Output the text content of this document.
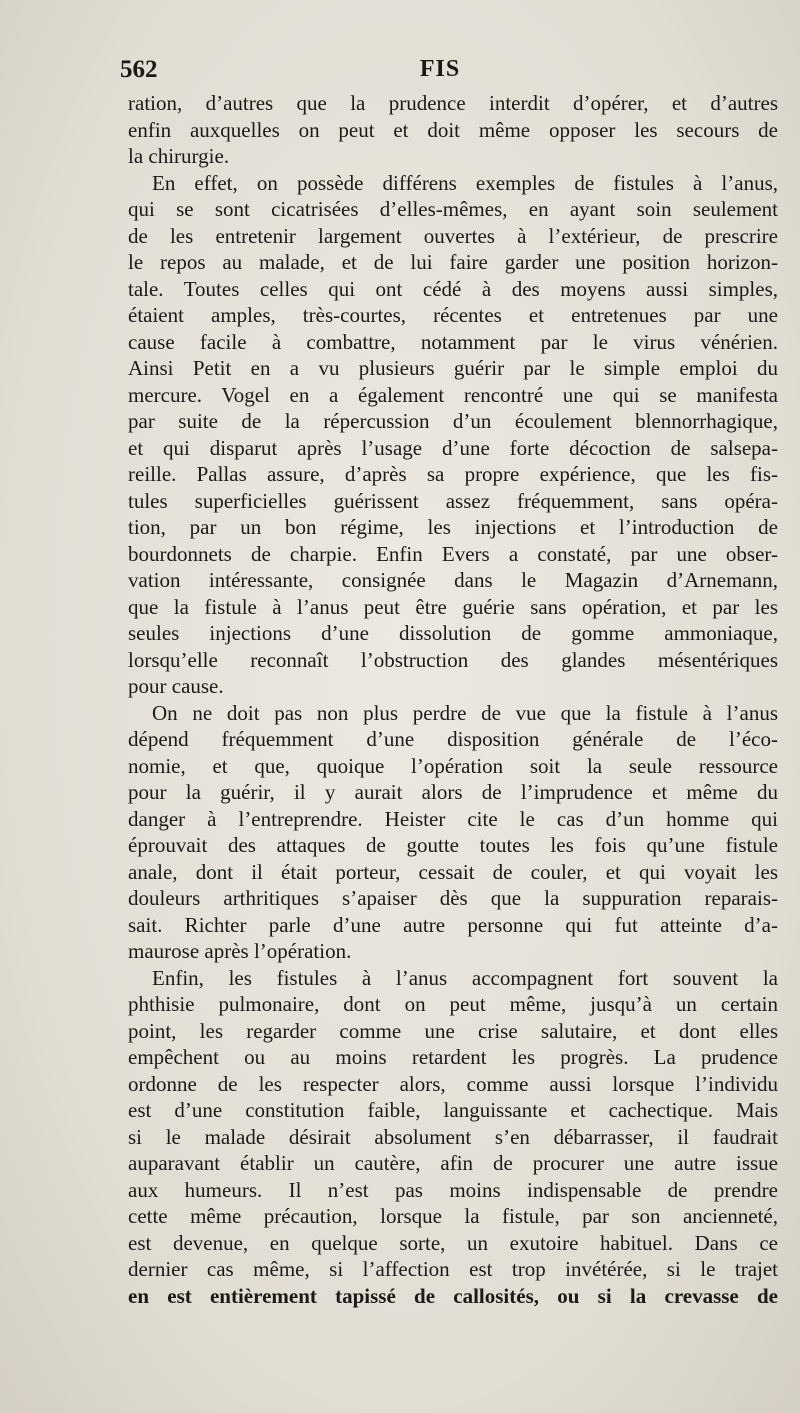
562	FIS
ration, d’autres que la prudence interdit d’opérer, et d’autres
enfin auxquelles on peut et doit même opposer les secours de
la chirurgie.
En effet, on possède différens exemples de fistules à l’anus,
qui se sont cicatrisées d’elles-mêmes, en ayant soin seulement
de les entretenir largement ouvertes à l’extérieur, de prescrire
le repos au malade, et de lui faire garder une position horizon-
tale. Toutes celles qui ont cédé à des moyens aussi simples,
étaient amples, très-courtes, récentes et entretenues par une
cause facile à combattre, notamment par le virus vénérien.
Ainsi Petit en a vu plusieurs guérir par le simple emploi du
mercure. Vogel en a également rencontré une qui se manifesta
par suite de la répercussion d’un écoulement blennorrhagique,
et qui disparut après l’usage d’une forte décoction de salsepa-
reille. Pallas assure, d’après sa propre expérience, que les fis-
tules superficielles guérissent assez fréquemment, sans opéra-
tion, par un bon régime, les injections et l’introduction de
bourdonnets de charpie. Enfin Evers a constaté, par une obser-
vation intéressante, consignée dans le Magazin d’Arnemann,
que la fistule à l’anus peut être guérie sans opération, et par les
seules injections d’une dissolution de gomme ammoniaque,
lorsqu’elle reconnaît l’obstruction des glandes mésentériques
pour cause.
On ne doit pas non plus perdre de vue que la fistule à l’anus
dépend fréquemment d’une disposition générale de l’éco-
nomie, et que, quoique l’opération soit la seule ressource
pour la guérir, il y aurait alors de l’imprudence et même du
danger à l’entreprendre. Heister cite le cas d’un homme qui
éprouvait des attaques de goutte toutes les fois qu’une fistule
anale, dont il était porteur, cessait de couler, et qui voyait les
douleurs arthritiques s’apaiser dès que la suppuration reparais-
sait. Richter parle d’une autre personne qui fut atteinte d’a-
maurose après l’opération.
Enfin, les fistules à l’anus accompagnent fort souvent la
phthisie pulmonaire, dont on peut même, jusqu’à un certain
point, les regarder comme une crise salutaire, et dont elles
empêchent ou au moins retardent les progrès. La prudence
ordonne de les respecter alors, comme aussi lorsque l’individu
est d’une constitution faible, languissante et cachectique. Mais
si le malade désirait absolument s’en débarrasser, il faudrait
auparavant établir un cautère, afin de procurer une autre issue
aux humeurs. Il n’est pas moins indispensable de prendre
cette même précaution, lorsque la fistule, par son ancienneté,
est devenue, en quelque sorte, un exutoire habituel. Dans ce
dernier cas même, si l’affection est trop invétérée, si le trajet
en est entièrement tapissé de callosités, ou si la crevasse de
